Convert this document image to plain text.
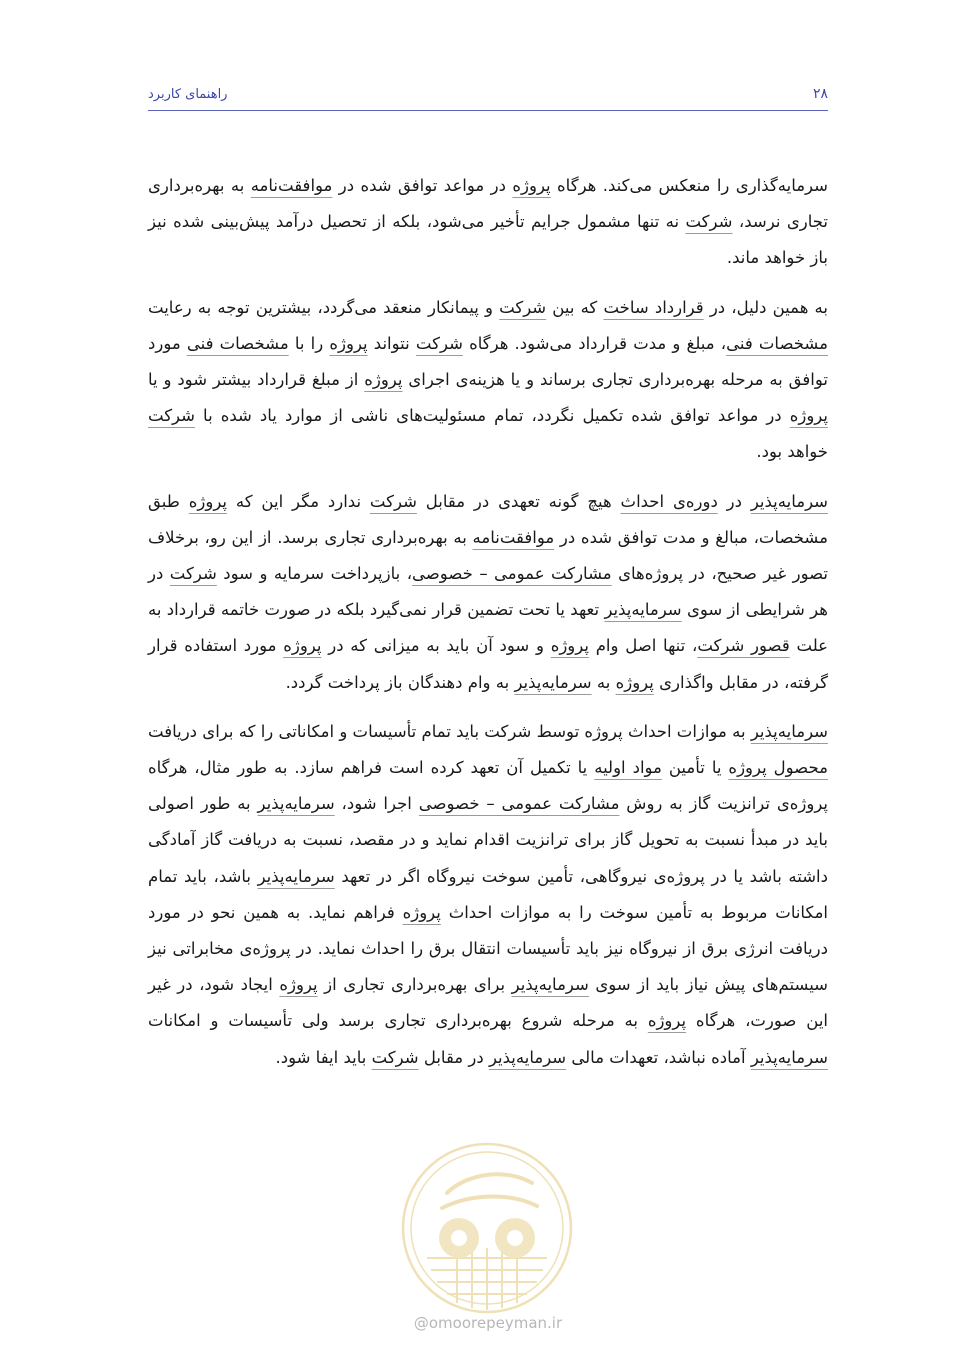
۲۸
راهنمای کاربرد

سرمایه‌گذاری را منعکس می‌کند. هرگاه پروژه در مواعد توافق شده در موافقت‌نامه به بهره‌برداری تجاری نرسد، شرکت نه تنها مشمول جرایم تأخیر می‌شود، بلکه از تحصیل درآمد پیش‌بینی شده نیز باز خواهد ماند.

به همین دلیل، در قرارداد ساخت که بین شرکت و پیمانکار منعقد می‌گردد، بیشترین توجه به رعایت مشخصات فنی، مبلغ و مدت قرارداد می‌شود. هرگاه شرکت نتواند پروژه را با مشخصات فنی مورد توافق به مرحله بهره‌برداری تجاری برساند و یا هزینه‌ی اجرای پروژه از مبلغ قرارداد بیشتر شود و یا پروژه در مواعد توافق شده تکمیل نگردد، تمام مسئولیت‌های ناشی از موارد یاد شده با شرکت خواهد بود.

سرمایه‌پذیر در دوره‌ی احداث هیچ گونه تعهدی در مقابل شرکت ندارد مگر این که پروژه طبق مشخصات، مبالغ و مدت توافق شده در موافقت‌نامه به بهره‌برداری تجاری برسد. از این رو، برخلاف تصور غیر صحیح، در پروژه‌های مشارکت عمومی – خصوصی، بازپرداخت سرمایه و سود شرکت در هر شرایطی از سوی سرمایه‌پذیر تعهد یا تحت تضمین قرار نمی‌گیرد بلکه در صورت خاتمه قرارداد به علت قصور شرکت، تنها اصل وام پروژه و سود آن باید به میزانی که در پروژه مورد استفاده قرار گرفته، در مقابل واگذاری پروژه به سرمایه‌پذیر به وام دهندگان باز پرداخت گردد.

سرمایه‌پذیر به موازات احداث پروژه توسط شرکت باید تمام تأسیسات و امکاناتی را که برای دریافت محصول پروژه یا تأمین مواد اولیه یا تکمیل آن تعهد کرده است فراهم سازد. به طور مثال، هرگاه پروژه‌ی ترانزیت گاز به روش مشارکت عمومی – خصوصی اجرا شود، سرمایه‌پذیر به طور اصولی باید در مبدأ نسبت به تحویل گاز برای ترانزیت اقدام نماید و در مقصد، نسبت به دریافت گاز آمادگی داشته باشد یا در پروژه‌ی نیروگاهی، تأمین سوخت نیروگاه اگر در تعهد سرمایه‌پذیر باشد، باید تمام امکانات مربوط به تأمین سوخت را به موازات احداث پروژه فراهم نماید. به همین نحو در مورد دریافت انرژی برق از نیروگاه نیز باید تأسیسات انتقال برق را احداث نماید. در پروژه‌ی مخابراتی نیز سیستم‌های پیش نیاز باید از سوی سرمایه‌پذیر برای بهره‌برداری تجاری از پروژه ایجاد شود، در غیر این صورت، هرگاه پروژه به مرحله شروع بهره‌برداری تجاری برسد ولی تأسیسات و امکانات سرمایه‌پذیر آماده نباشد، تعهدات مالی سرمایه‌پذیر در مقابل شرکت باید ایفا شود.

@omoorepeyman.ir
